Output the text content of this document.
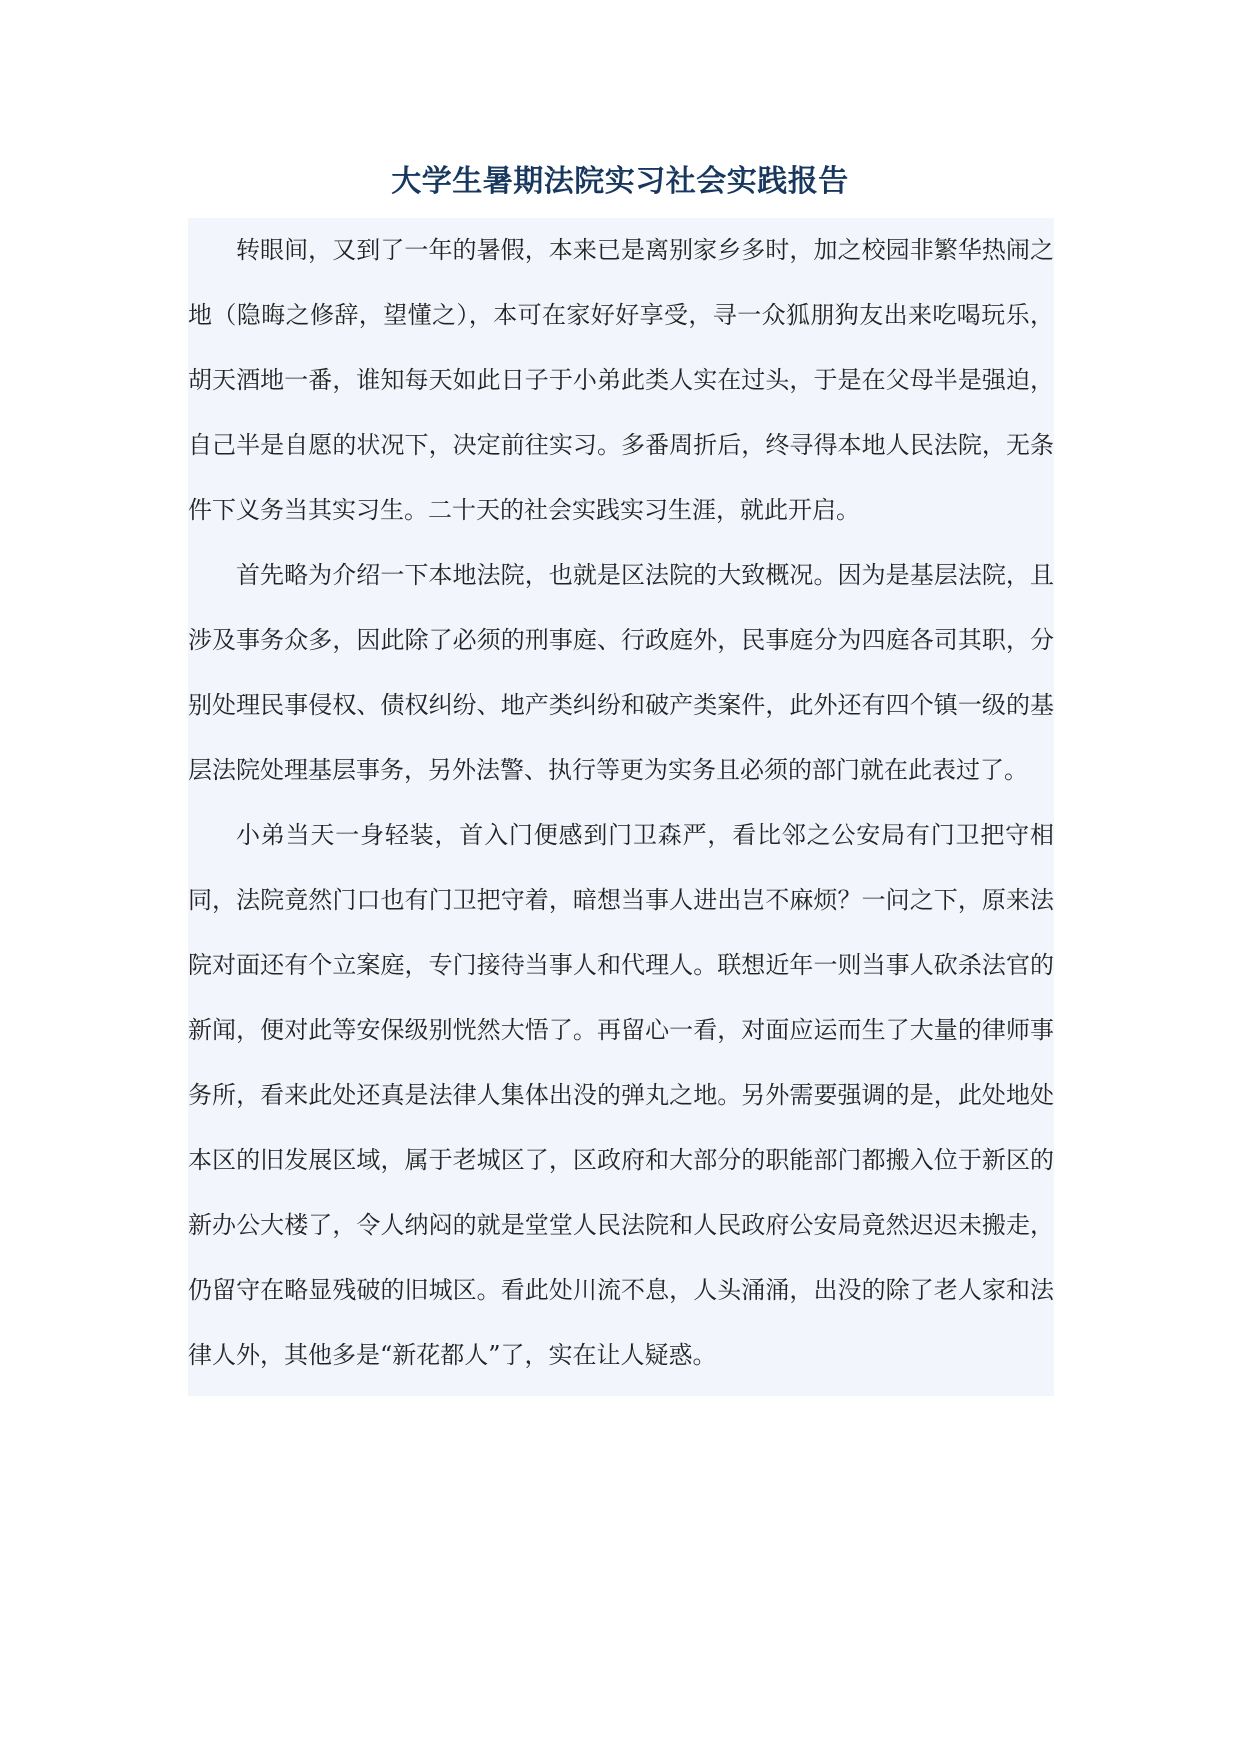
大学生暑期法院实习社会实践报告

转眼间，又到了一年的暑假，本来已是离别家乡多时，加之校园非繁华热闹之地（隐晦之修辞，望懂之），本可在家好好享受，寻一众狐朋狗友出来吃喝玩乐，胡天酒地一番，谁知每天如此日子于小弟此类人实在过头，于是在父母半是强迫，自己半是自愿的状况下，决定前往实习。多番周折后，终寻得本地人民法院，无条件下义务当其实习生。二十天的社会实践实习生涯，就此开启。

首先略为介绍一下本地法院，也就是区法院的大致概况。因为是基层法院，且涉及事务众多，因此除了必须的刑事庭、行政庭外，民事庭分为四庭各司其职，分别处理民事侵权、债权纠纷、地产类纠纷和破产类案件，此外还有四个镇一级的基层法院处理基层事务，另外法警、执行等更为实务且必须的部门就在此表过了。

小弟当天一身轻装，首入门便感到门卫森严，看比邻之公安局有门卫把守相同，法院竟然门口也有门卫把守着，暗想当事人进出岂不麻烦？一问之下，原来法院对面还有个立案庭，专门接待当事人和代理人。联想近年一则当事人砍杀法官的新闻，便对此等安保级别恍然大悟了。再留心一看，对面应运而生了大量的律师事务所，看来此处还真是法律人集体出没的弹丸之地。另外需要强调的是，此处地处本区的旧发展区域，属于老城区了，区政府和大部分的职能部门都搬入位于新区的新办公大楼了，令人纳闷的就是堂堂人民法院和人民政府公安局竟然迟迟未搬走，仍留守在略显残破的旧城区。看此处川流不息，人头涌涌，出没的除了老人家和法律人外，其他多是“新花都人”了，实在让人疑惑。
